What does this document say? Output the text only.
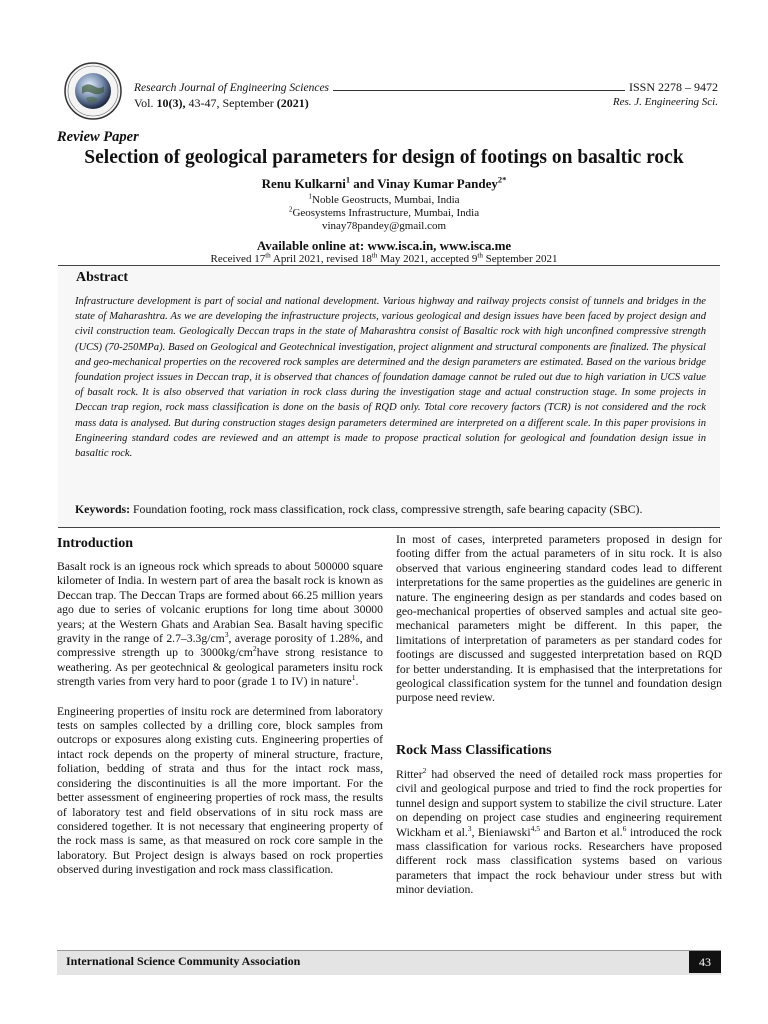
Research Journal of Engineering Sciences	ISSN 2278 – 9472
Vol. 10(3), 43-47, September (2021)	Res. J. Engineering Sci.
Review Paper
Selection of geological parameters for design of footings on basaltic rock
Renu Kulkarni$^1$ and Vinay Kumar Pandey$^{2*}$
$^1$Noble Geostructs, Mumbai, India
$^2$Geosystems Infrastructure, Mumbai, India
vinay78pandey@gmail.com
Available online at: www.isca.in, www.isca.me
Received 17th April 2021, revised 18th May 2021, accepted 9th September 2021
Abstract
Infrastructure development is part of social and national development. Various highway and railway projects consist of tunnels and bridges in the state of Maharashtra. As we are developing the infrastructure projects, various geological and design issues have been faced by project design and civil construction team. Geologically Deccan traps in the state of Maharashtra consist of Basaltic rock with high unconfined compressive strength (UCS) (70-250MPa). Based on Geological and Geotechnical investigation, project alignment and structural components are finalized. The physical and geo-mechanical properties on the recovered rock samples are determined and the design parameters are estimated. Based on the various bridge foundation project issues in Deccan trap, it is observed that chances of foundation damage cannot be ruled out due to high variation in UCS value of basalt rock. It is also observed that variation in rock class during the investigation stage and actual construction stage. In some projects in Deccan trap region, rock mass classification is done on the basis of RQD only. Total core recovery factors (TCR) is not considered and the rock mass data is analysed. But during construction stages design parameters determined are interpreted on a different scale. In this paper provisions in Engineering standard codes are reviewed and an attempt is made to propose practical solution for geological and foundation design issue in basaltic rock.
Keywords: Foundation footing, rock mass classification, rock class, compressive strength, safe bearing capacity (SBC).
Introduction

Basalt rock is an igneous rock which spreads to about 500000 square kilometer of India. In western part of area the basalt rock is known as Deccan trap. The Deccan Traps are formed about 66.25 million years ago due to series of volcanic eruptions for long time about 30000 years; at the Western Ghats and Arabian Sea. Basalt having specific gravity in the range of $2.7-3.3g/cm^3$, average porosity of 1.28%, and compressive strength up to $3000kg/cm^2have$ strong resistance to weathering. As per geotechnical & geological parameters insitu rock strength varies from very hard to poor (grade 1 to IV) in nature$^1$.

Engineering properties of insitu rock are determined from laboratory tests on samples collected by a drilling core, block samples from outcrops or exposures along existing cuts. Engineering properties of intact rock depends on the property of mineral structure, fracture, foliation, bedding of strata and thus for the intact rock mass, considering the discontinuities is all the more important. For the better assessment of engineering properties of rock mass, the results of laboratory test and field observations of in situ rock mass are considered together. It is not necessary that engineering property of the rock mass is same, as that measured on rock core sample in the laboratory. But Project design is always based on rock properties observed during investigation and rock mass classification.

In most of cases, interpreted parameters proposed in design for footing differ from the actual parameters of in situ rock. It is also observed that various engineering standard codes lead to different interpretations for the same properties as the guidelines are generic in nature. The engineering design as per standards and codes based on geo-mechanical properties of observed samples and actual site geo-mechanical parameters might be different. In this paper, the limitations of interpretation of parameters as per standard codes for footings are discussed and suggested interpretation based on RQD for better understanding. It is emphasised that the interpretations for geological classification system for the tunnel and foundation design purpose need review.

Rock Mass Classifications

Ritter$^2$ had observed the need of detailed rock mass properties for civil and geological purpose and tried to find the rock properties for tunnel design and support system to stabilize the civil structure. Later on depending on project case studies and engineering requirement Wickham et al.$^3$, Bieniawski$^{4,5}$ and Barton et al.$^6$ introduced the rock mass classification for various rocks. Researchers have proposed different rock mass classification systems based on various parameters that impact the rock behaviour under stress but with minor deviation.

International Science Community Association	43
